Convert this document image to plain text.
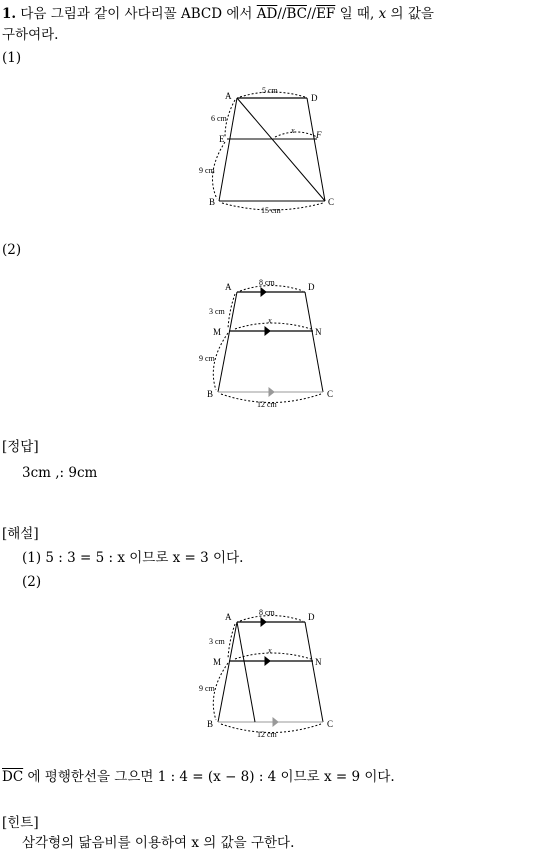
1. 다음 그림과 같이 사다리꼴 ABCD 에서 $\overline{AD}//\overline{BC}//\overline{EF}$ 일 때, x 의 값을
구하여라.
(1)
A	D
E	F
B	C
5 cm
6 cm
9 cm
15 cm
x
(2)
A	D
M	N
B	C
8 cm
3 cm
9 cm
12 cm
x
[정답]
3cm ,: 9cm
[해설]
(1) 5 : 3 = 5 : x 이므로 x = 3 이다.
(2)
A	D
M	N
B	C
8 cm
3 cm
9 cm
12 cm
x
$\overline{DC}$ 에 평행한선을 그으면 1 : 4 = (x − 8) : 4 이므로 x = 9 이다.
[힌트]
삼각형의 닮음비를 이용하여 x 의 값을 구한다.
